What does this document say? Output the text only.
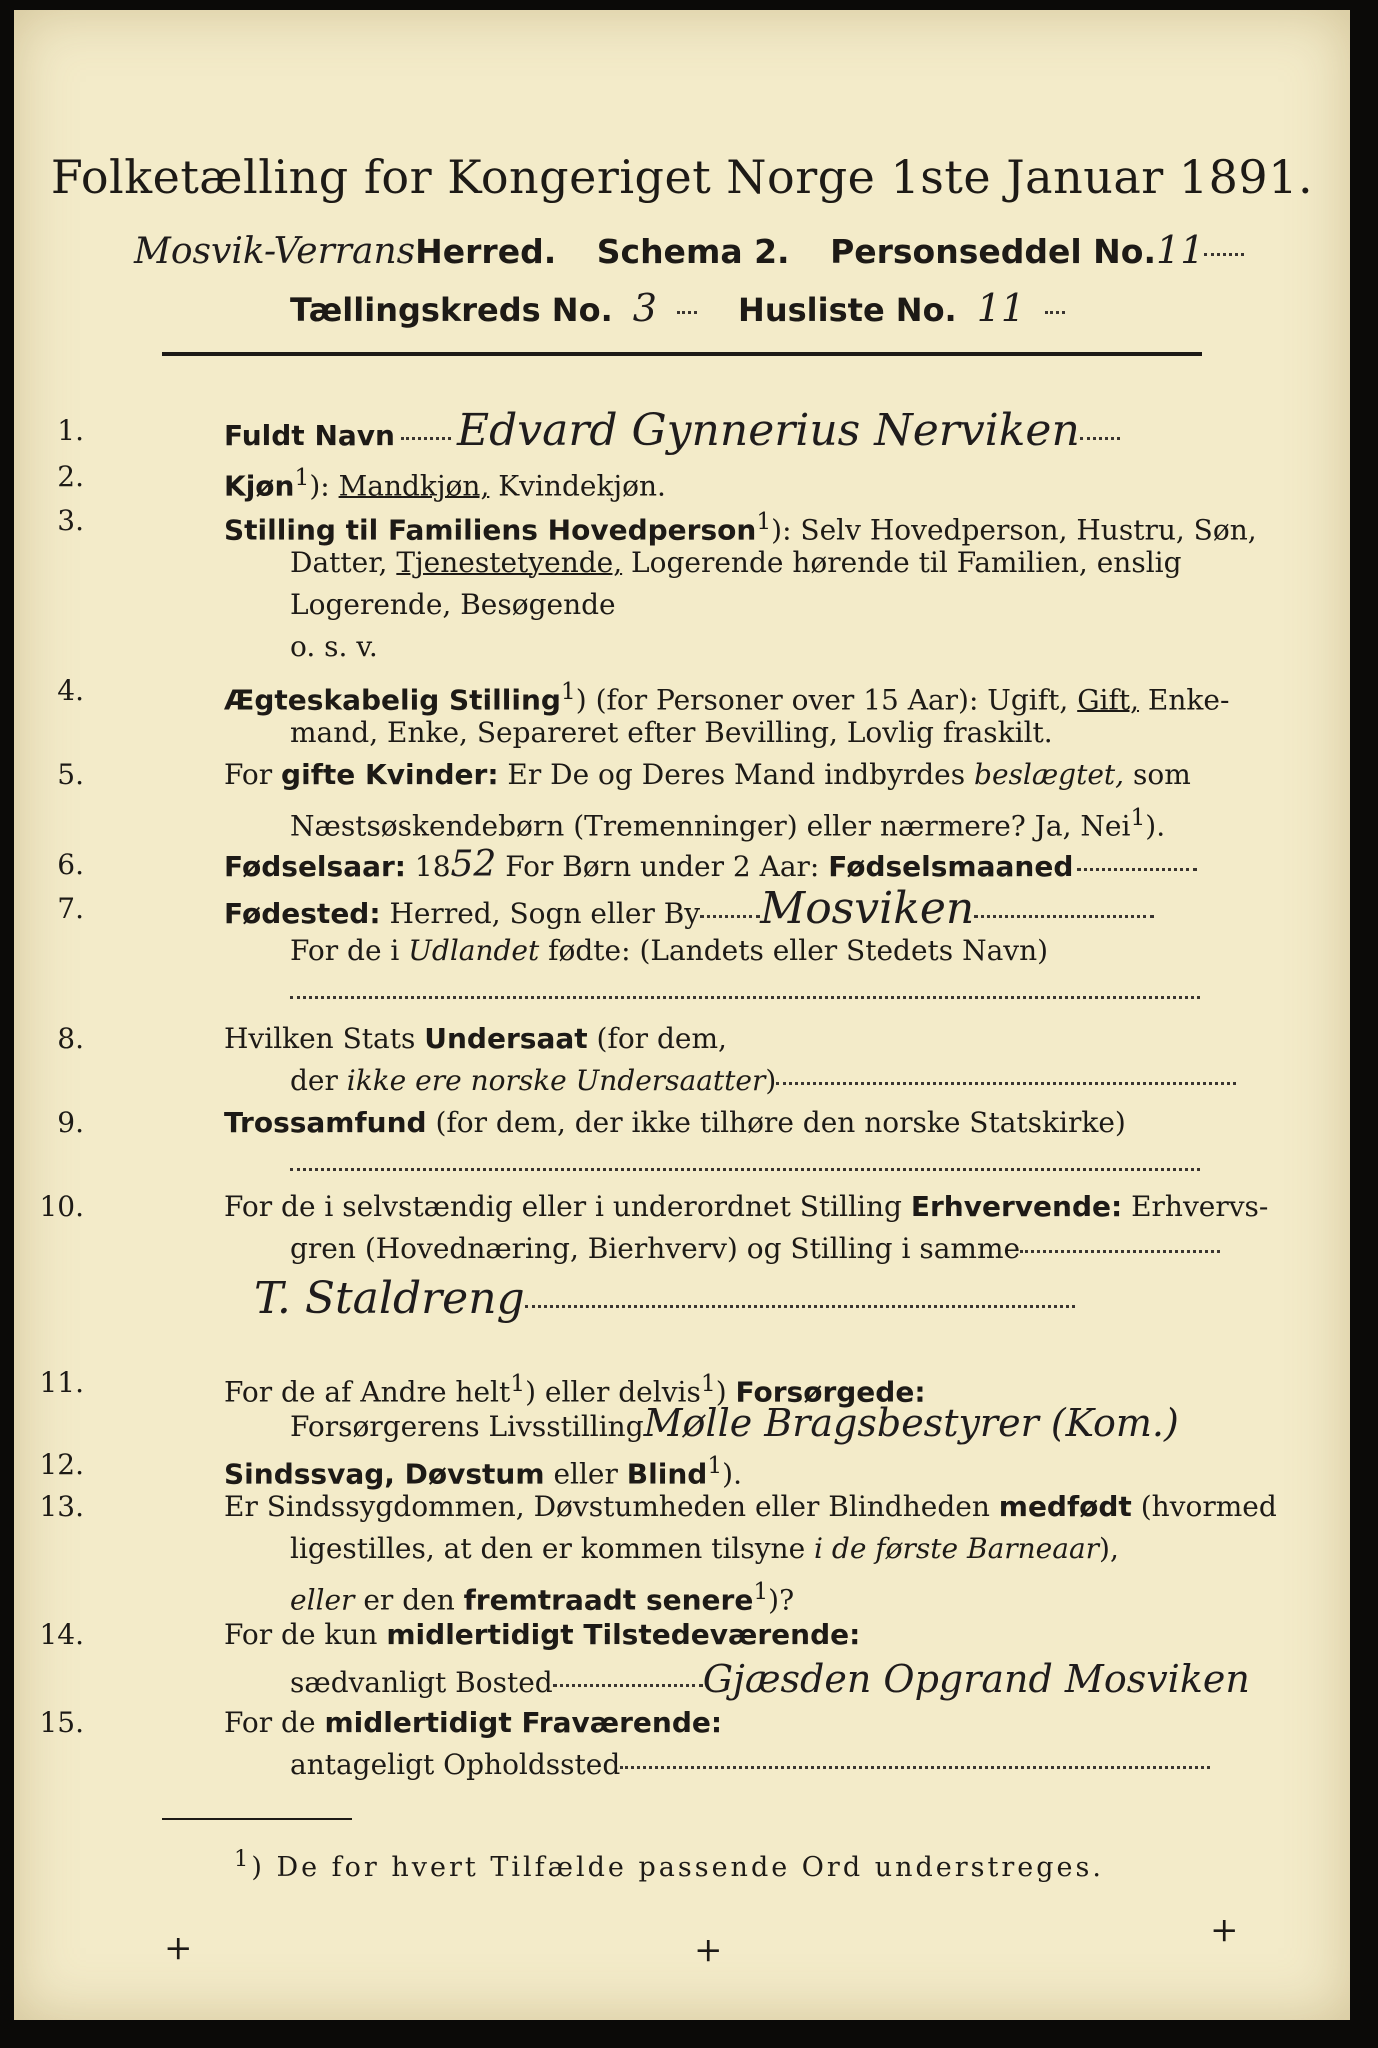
Folketælling for Kongeriget Norge 1ste Januar 1891.
Mosvik-VerransHerred. Schema 2. Personseddel No.11
Tællingskreds No. 3	Husliste No. 11
1.	Fuldt Navn Edvard Gynnerius Nerviken
2.	Kjøn$^1$): Mandkjøn, Kvindekjøn.
3.	Stilling til Familiens Hovedperson$^1$): Selv Hovedperson, Hustru, Søn,
Datter, Tjenestetyende, Logerende hørende til Familien, enslig
Logerende, Besøgende
o. s. v.
4.	Ægteskabelig Stilling$^1$) (for Personer over 15 Aar): Ugift, Gift, Enke-
mand, Enke, Separeret efter Bevilling, Lovlig fraskilt.
5.	For gifte Kvinder: Er De og Deres Mand indbyrdes beslægtet, som
Næstsøskendebørn (Tremenninger) eller nærmere? Ja, Nei$^1$).
6.	Fødselsaar: 1852 For Børn under 2 Aar: Fødselsmaaned
7.	Fødested: Herred, Sogn eller By Mosviken
For de i Udlandet fødte: (Landets eller Stedets Navn)
8.	Hvilken Stats Undersaat (for dem,
der ikke ere norske Undersaatter)
9.	Trossamfund (for dem, der ikke tilhøre den norske Statskirke)
10.	For de i selvstændig eller i underordnet Stilling Erhvervende: Erhvervs-
gren (Hovednæring, Bierhverv) og Stilling i samme
T. Staldreng
11.	For de af Andre helt$^1$) eller delvis$^1$) Forsørgede:
Forsørgerens LivsstillingMølle Bragsbestyrer (Kom.)
12.	Sindssvag, Døvstum eller Blind$^1$).
13.	Er Sindssygdommen, Døvstumheden eller Blindheden medfødt (hvormed
ligestilles, at den er kommen tilsyne i de første Barneaar),
eller er den fremtraadt senere$^1$)?
14.	For de kun midlertidigt Tilstedeværende:
sædvanligt Bosted	Gjæsden Opgrand Mosviken
15.	For de midlertidigt Fraværende:
antageligt Opholdssted
$^1$) De for hvert Tilfælde passende Ord understreges.
+	+	+
